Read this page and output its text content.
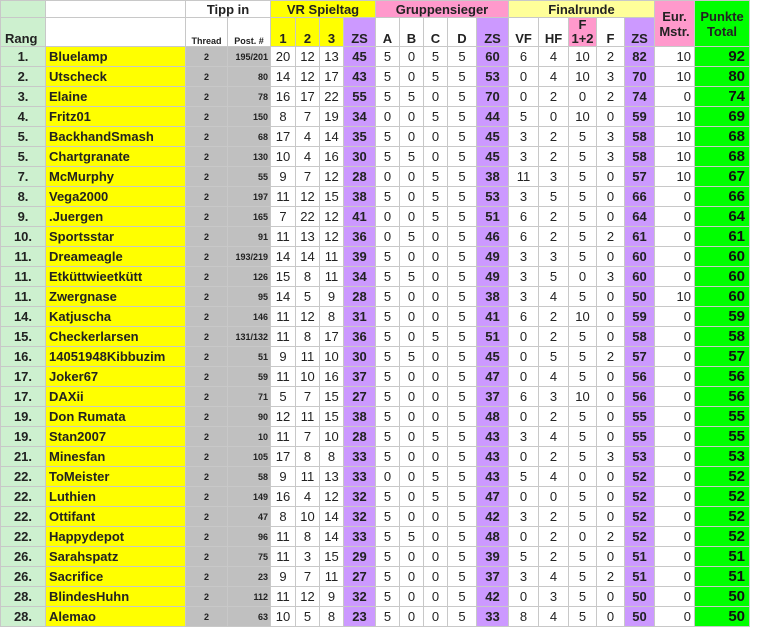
		Tipp in		VR Spieltag				Gruppensieger					Finalrunde					Eur. Mstr.	Punkte Total
Rang		Thread	Post. #	1	2	3	ZS	A	B	C	D	ZS	VF	HF	F 1+2	F	ZS		
1.	Bluelamp	2	195/201	20	12	13	45	5	0	5	5	60	6	4	10	2	82	10	92
2.	Utscheck	2	80	14	12	17	43	5	0	5	5	53	0	4	10	3	70	10	80
3.	Elaine	2	78	16	17	22	55	5	5	0	5	70	0	2	0	2	74	0	74
4.	Fritz01	2	150	8	7	19	34	0	0	5	5	44	5	0	10	0	59	10	69
5.	BackhandSmash	2	68	17	4	14	35	5	0	0	5	45	3	2	5	3	58	10	68
5.	Chartgranate	2	130	10	4	16	30	5	5	0	5	45	3	2	5	3	58	10	68
7.	McMurphy	2	55	9	7	12	28	0	0	5	5	38	11	3	5	0	57	10	67
8.	Vega2000	2	197	11	12	15	38	5	0	5	5	53	3	5	5	0	66	0	66
9.	.Juergen	2	165	7	22	12	41	0	0	5	5	51	6	2	5	0	64	0	64
10.	Sportsstar	2	91	11	13	12	36	0	5	0	5	46	6	2	5	2	61	0	61
11.	Dreameagle	2	193/219	14	14	11	39	5	0	0	5	49	3	3	5	0	60	0	60
11.	Etküttwieetkütt	2	126	15	8	11	34	5	5	0	5	49	3	5	0	3	60	0	60
11.	Zwergnase	2	95	14	5	9	28	5	0	0	5	38	3	4	5	0	50	10	60
14.	Katjuscha	2	146	11	12	8	31	5	0	0	5	41	6	2	10	0	59	0	59
15.	Checkerlarsen	2	131/132	11	8	17	36	5	0	5	5	51	0	2	5	0	58	0	58
16.	14051948Kibbuzim	2	51	9	11	10	30	5	5	0	5	45	0	5	5	2	57	0	57
17.	Joker67	2	59	11	10	16	37	5	0	0	5	47	0	4	5	0	56	0	56
17.	DAXii	2	71	5	7	15	27	5	0	0	5	37	6	3	10	0	56	0	56
19.	Don Rumata	2	90	12	11	15	38	5	0	0	5	48	0	2	5	0	55	0	55
19.	Stan2007	2	10	11	7	10	28	5	0	5	5	43	3	4	5	0	55	0	55
21.	Minesfan	2	105	17	8	8	33	5	0	0	5	43	0	2	5	3	53	0	53
22.	ToMeister	2	58	9	11	13	33	0	0	5	5	43	5	4	0	0	52	0	52
22.	Luthien	2	149	16	4	12	32	5	0	5	5	47	0	0	5	0	52	0	52
22.	Ottifant	2	47	8	10	14	32	5	0	0	5	42	3	2	5	0	52	0	52
22.	Happydepot	2	96	11	8	14	33	5	5	0	5	48	0	2	0	2	52	0	52
26.	Sarahspatz	2	75	11	3	15	29	5	0	0	5	39	5	2	5	0	51	0	51
26.	Sacrifice	2	23	9	7	11	27	5	0	0	5	37	3	4	5	2	51	0	51
28.	BlindesHuhn	2	112	11	12	9	32	5	0	0	5	42	0	3	5	0	50	0	50
28.	Alemao	2	63	10	5	8	23	5	0	0	5	33	8	4	5	0	50	0	50
